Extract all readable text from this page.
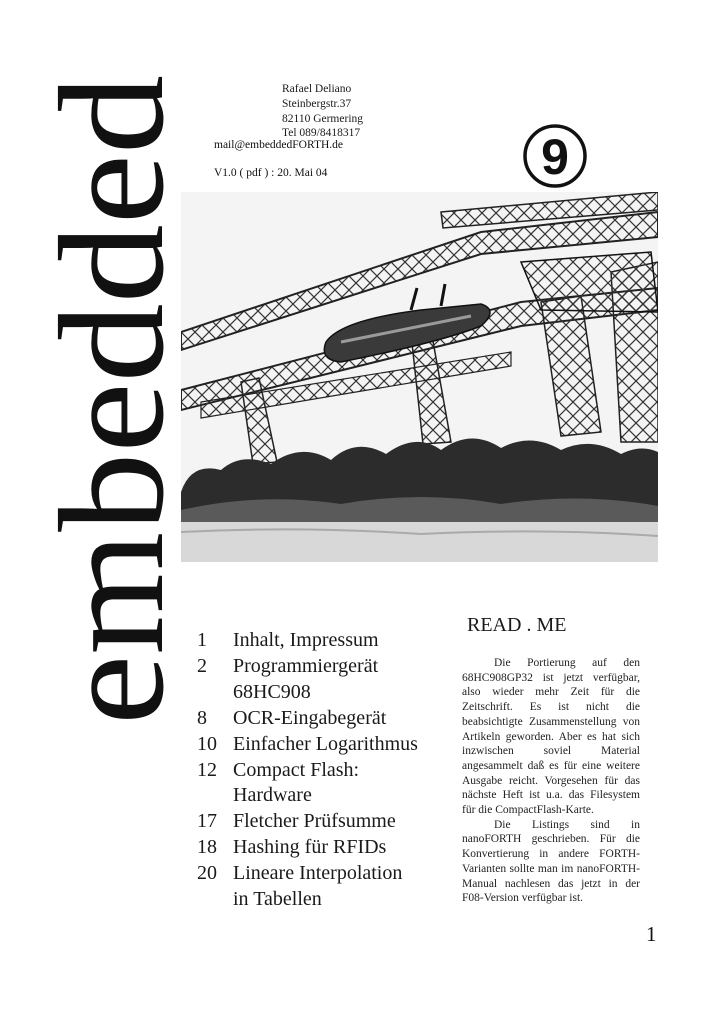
embedded
Rafael Deliano
Steinbergstr.37
82110 Germering
Tel 089/8418317
mail@embeddedFORTH.de
V1.0 ( pdf ) : 20. Mai 04	9
1	Inhalt, Impressum
2	Programmiergerät
68HC908
8	OCR-Eingabegerät
10 Einfacher Logarithmus
12 Compact Flash:
Hardware
17 Fletcher Prüfsumme
18 Hashing für RFIDs
20 Lineare Interpolation
in Tabellen
READ . ME

Die Portierung auf den 68HC908GP32 ist jetzt verfügbar, also wieder mehr Zeit für die Zeitschrift. Es ist nicht die beabsichtigte Zusammenstellung von Artikeln geworden. Aber es hat sich inzwischen soviel Material angesammelt daß es für eine weitere Ausgabe reicht. Vorgesehen für das nächste Heft ist u.a. das Filesystem für die CompactFlash-Karte.

Die Listings sind in nanoFORTH geschrieben. Für die Konvertierung in andere FORTH-Varianten sollte man im nanoFORTH-Manual nachlesen das jetzt in der F08-Version verfügbar ist.

1
